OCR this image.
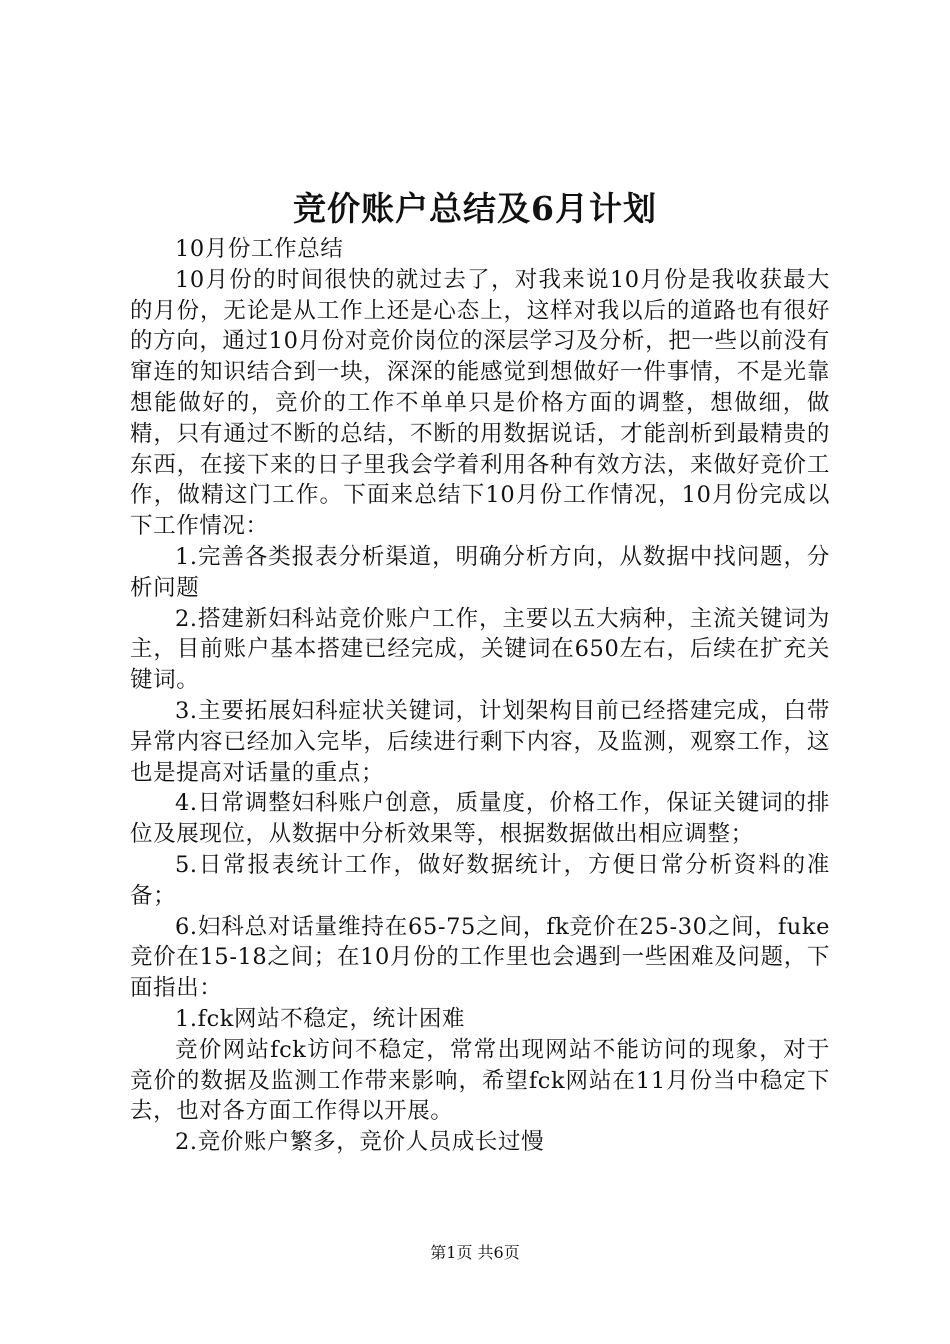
竞价账户总结及6月计划

10月份工作总结

10月份的时间很快的就过去了，对我来说10月份是我收获最大的月份，无论是从工作上还是心态上，这样对我以后的道路也有很好的方向，通过10月份对竞价岗位的深层学习及分析，把一些以前没有窜连的知识结合到一块，深深的能感觉到想做好一件事情，不是光靠想能做好的，竞价的工作不单单只是价格方面的调整，想做细，做精，只有通过不断的总结，不断的用数据说话，才能剖析到最精贵的东西，在接下来的日子里我会学着利用各种有效方法，来做好竞价工作，做精这门工作。下面来总结下10月份工作情况，10月份完成以下工作情况：

1.完善各类报表分析渠道，明确分析方向，从数据中找问题，分析问题

2.搭建新妇科站竞价账户工作，主要以五大病种，主流关键词为主，目前账户基本搭建已经完成，关键词在650左右，后续在扩充关键词。

3.主要拓展妇科症状关键词，计划架构目前已经搭建完成，白带异常内容已经加入完毕，后续进行剩下内容，及监测，观察工作，这也是提高对话量的重点；

4.日常调整妇科账户创意，质量度，价格工作，保证关键词的排位及展现位，从数据中分析效果等，根据数据做出相应调整；

5.日常报表统计工作，做好数据统计，方便日常分析资料的准备；

6.妇科总对话量维持在65-75之间，fk竞价在25-30之间，fuke竞价在15-18之间；在10月份的工作里也会遇到一些困难及问题，下面指出：

1.fck网站不稳定，统计困难

竞价网站fck访问不稳定，常常出现网站不能访问的现象，对于竞价的数据及监测工作带来影响，希望fck网站在11月份当中稳定下去，也对各方面工作得以开展。

2.竞价账户繁多，竞价人员成长过慢

第1页 共6页
